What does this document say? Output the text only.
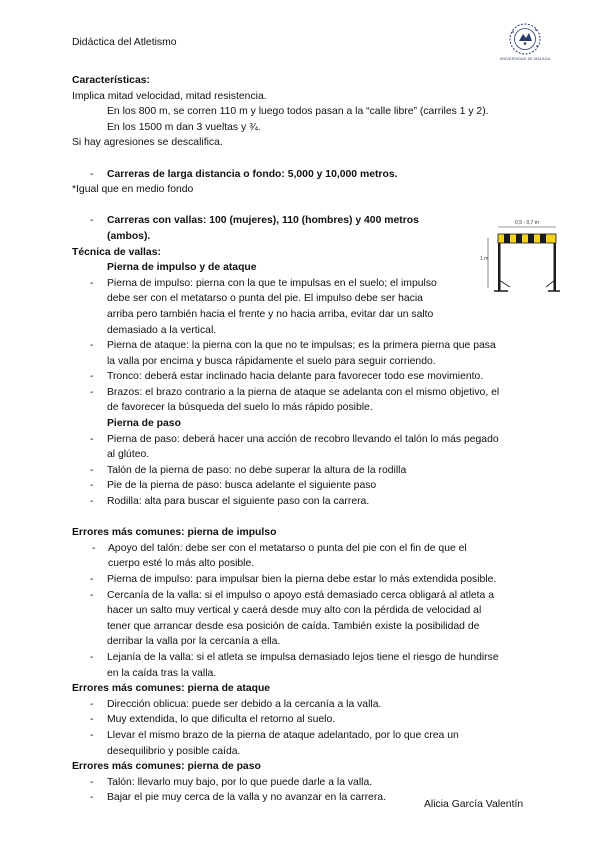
Didáctica del Atletismo
UNIVERSIDAD DE MÁLAGA
0,5 - 0,7 m
1 m
Características:
Implica mitad velocidad, mitad resistencia.
En los 800 m, se corren 110 m y luego todos pasan a la “calle libre” (carriles 1 y 2).
En los 1500 m dan 3 vueltas y ¾.
Si hay agresiones se descalifica.
- Carreras de larga distancia o fondo: 5,000 y 10,000 metros.
*Igual que en medio fondo
- Carreras con vallas: 100 (mujeres), 110 (hombres) y 400 metros
(ambos).
Técnica de vallas:
Pierna de impulso y de ataque
- Pierna de impulso: pierna con la que te impulsas en el suelo; el impulso
debe ser con el metatarso o punta del pie. El impulso debe ser hacia
arriba pero también hacia el frente y no hacia arriba, evitar dar un salto
demasiado a la vertical.
- Pierna de ataque: la pierna con la que no te impulsas; es la primera pierna que pasa
la valla por encima y busca rápidamente el suelo para seguir corriendo.
- Tronco: deberá estar inclinado hacia delante para favorecer todo ese movimiento.
- Brazos: el brazo contrario a la pierna de ataque se adelanta con el mismo objetivo, el
de favorecer la búsqueda del suelo lo más rápido posible.
Pierna de paso
- Pierna de paso: deberá hacer una acción de recobro llevando el talón lo más pegado
al glúteo.
- Talón de la pierna de paso: no debe superar la altura de la rodilla
- Pie de la pierna de paso: busca adelante el siguiente paso
- Rodilla: alta para buscar el siguiente paso con la carrera.
Errores más comunes: pierna de impulso
- Apoyo del talón: debe ser con el metatarso o punta del pie con el fin de que el
cuerpo esté lo más alto posible.
- Pierna de impulso: para impulsar bien la pierna debe estar lo más extendida posible.
- Cercanía de la valla: si el impulso o apoyo está demasiado cerca obligará al atleta a
hacer un salto muy vertical y caerá desde muy alto con la pérdida de velocidad al
tener que arrancar desde esa posición de caída. También existe la posibilidad de
derribar la valla por la cercanía a ella.
- Lejanía de la valla: si el atleta se impulsa demasiado lejos tiene el riesgo de hundirse
en la caída tras la valla.
Errores más comunes: pierna de ataque
- Dirección oblicua: puede ser debido a la cercanía a la valla.
- Muy extendida, lo que dificulta el retorno al suelo.
- Llevar el mismo brazo de la pierna de ataque adelantado, por lo que crea un
desequilibrio y posible caída.
Errores más comunes: pierna de paso
- Talón: llevarlo muy bajo, por lo que puede darle a la valla.
- Bajar el pie muy cerca de la valla y no avanzar en la carrera.
Alicia García Valentín
